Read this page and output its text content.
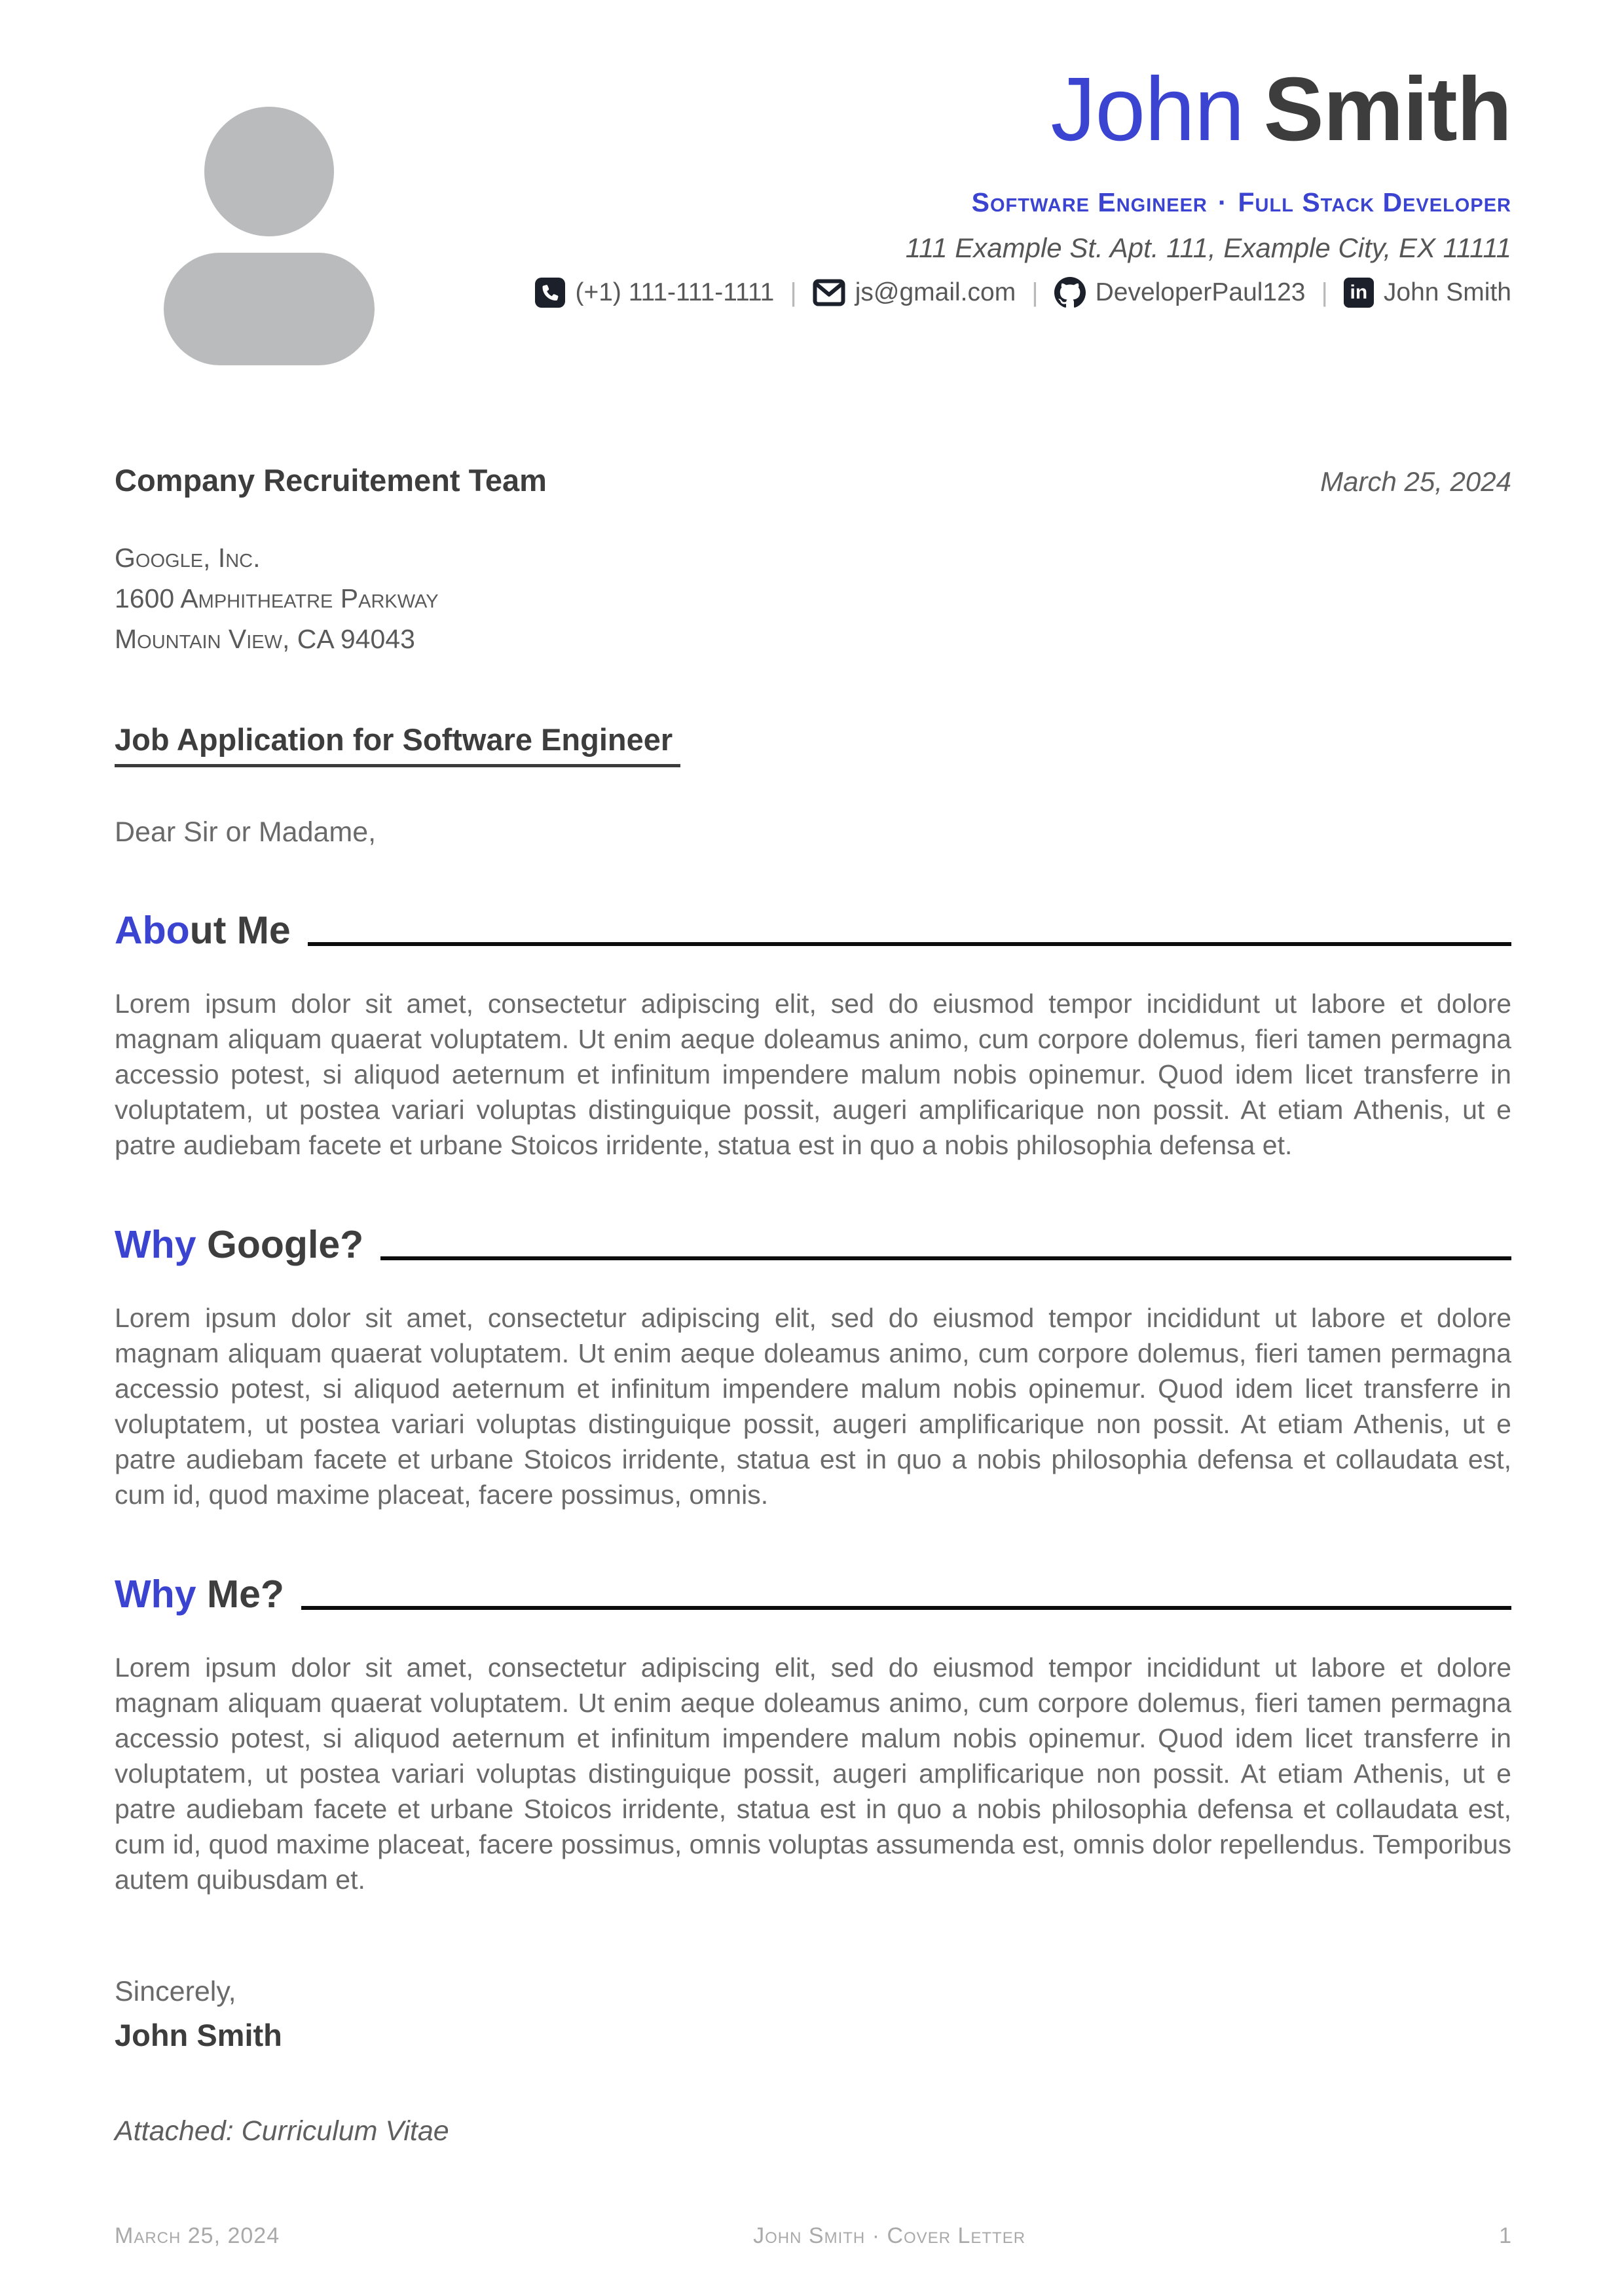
John Smith
Software Engineer · Full Stack Developer
111 Example St. Apt. 111, Example City, EX 11111
(+1) 111-111-1111 | js@gmail.com | DeveloperPaul123 |	in John Smith
Company Recruitement Team	March 25, 2024
Google, Inc.
1600 Amphitheatre Parkway
Mountain View, CA 94043
Job Application for Software Engineer
Dear Sir or Madame,
Abo ut Me

Lorem ipsum dolor sit amet, consectetur adipiscing elit, sed do eiusmod tempor incididunt ut labore et dolore magnam aliquam quaerat voluptatem. Ut enim aeque doleamus animo, cum corpore dolemus, fieri tamen permagna accessio potest, si aliquod aeternum et infinitum impendere malum nobis opinemur. Quod idem licet transferre in voluptatem, ut postea variari voluptas distinguique possit, augeri amplificarique non possit. At etiam Athenis, ut e patre audiebam facete et urbane Stoicos irridente, statua est in quo a nobis philosophia defensa et.

Why Google?

Lorem ipsum dolor sit amet, consectetur adipiscing elit, sed do eiusmod tempor incididunt ut labore et dolore magnam aliquam quaerat voluptatem. Ut enim aeque doleamus animo, cum corpore dolemus, fieri tamen permagna accessio potest, si aliquod aeternum et infinitum impendere malum nobis opinemur. Quod idem licet transferre in voluptatem, ut postea variari voluptas distinguique possit, augeri amplificarique non possit. At etiam Athenis, ut e patre audiebam facete et urbane Stoicos irridente, statua est in quo a nobis philosophia defensa et collaudata est, cum id, quod maxime placeat, facere possimus, omnis.

Why Me?

Lorem ipsum dolor sit amet, consectetur adipiscing elit, sed do eiusmod tempor incididunt ut labore et dolore magnam aliquam quaerat voluptatem. Ut enim aeque doleamus animo, cum corpore dolemus, fieri tamen permagna accessio potest, si aliquod aeternum et infinitum impendere malum nobis opinemur. Quod idem licet transferre in voluptatem, ut postea variari voluptas distinguique possit, augeri amplificarique non possit. At etiam Athenis, ut e patre audiebam facete et urbane Stoicos irridente, statua est in quo a nobis philosophia defensa et collaudata est, cum id, quod maxime placeat, facere possimus, omnis voluptas assumenda est, omnis dolor repellendus. Temporibus autem quibusdam et.

Sincerely,
John Smith
Attached: Curriculum Vitae
March 25, 2024	John Smith · Cover Letter	1
